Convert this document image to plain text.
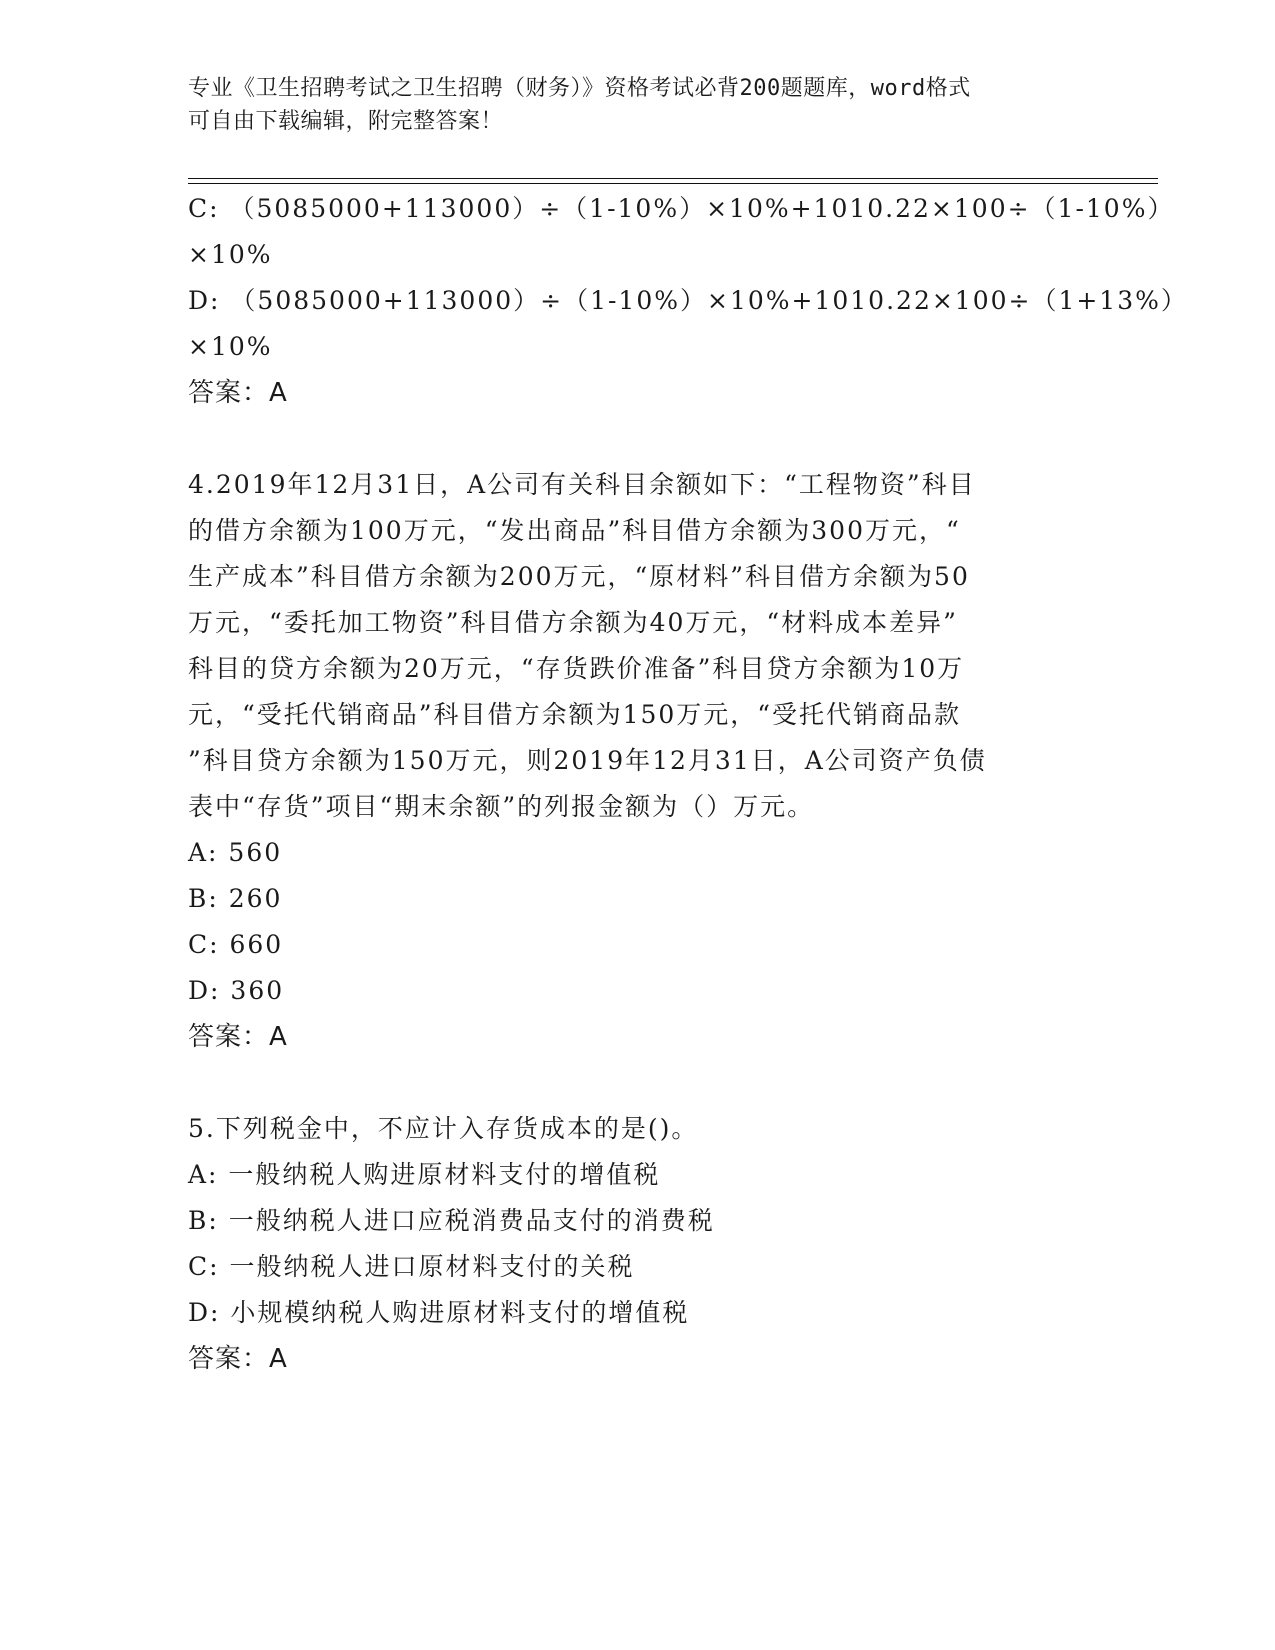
专业《卫生招聘考试之卫生招聘（财务）》资格考试必背200题题库，word格式
可自由下载编辑，附完整答案！
C: （5085000+113000）÷（1-10%）×10%+1010.22×100÷（1-10%）
×10%
D: （5085000+113000）÷（1-10%）×10%+1010.22×100÷（1+13%）
×10%
答案：A
4.2019年12月31日，A公司有关科目余额如下：“工程物资”科目
的借方余额为100万元，“发出商品”科目借方余额为300万元，“
生产成本”科目借方余额为200万元，“原材料”科目借方余额为50
万元，“委托加工物资”科目借方余额为40万元，“材料成本差异”
科目的贷方余额为20万元，“存货跌价准备”科目贷方余额为10万
元，“受托代销商品”科目借方余额为150万元，“受托代销商品款
”科目贷方余额为150万元，则2019年12月31日，A公司资产负债
表中“存货”项目“期末余额”的列报金额为（）万元。
A: 560
B: 260
C: 660
D: 360
答案：A
5.下列税金中，不应计入存货成本的是()。
A: 一般纳税人购进原材料支付的增值税
B: 一般纳税人进口应税消费品支付的消费税
C: 一般纳税人进口原材料支付的关税
D: 小规模纳税人购进原材料支付的增值税
答案：A
